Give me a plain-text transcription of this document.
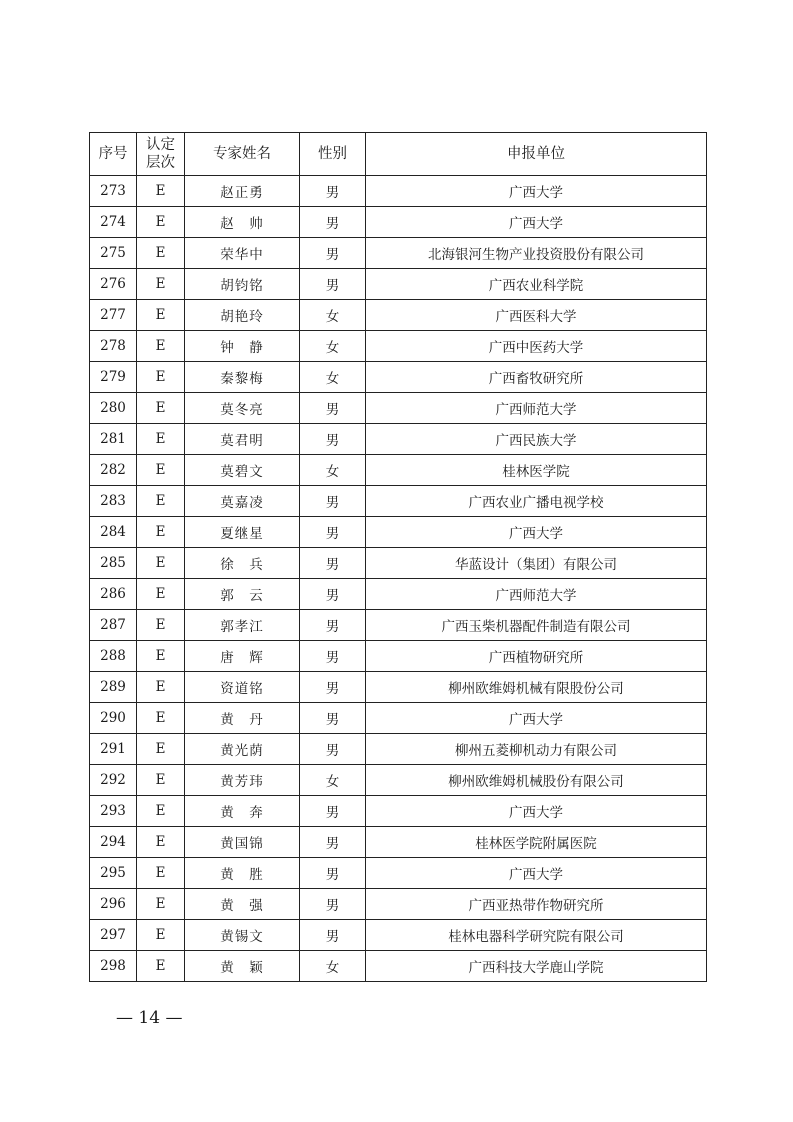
序号	认定层次	专家姓名	性别	申报单位
273	E	赵正勇	男	广西大学
274	E	赵　帅	男	广西大学
275	E	荣华中	男	北海银河生物产业投资股份有限公司
276	E	胡钧铭	男	广西农业科学院
277	E	胡艳玲	女	广西医科大学
278	E	钟　静	女	广西中医药大学
279	E	秦黎梅	女	广西畜牧研究所
280	E	莫冬亮	男	广西师范大学
281	E	莫君明	男	广西民族大学
282	E	莫碧文	女	桂林医学院
283	E	莫嘉凌	男	广西农业广播电视学校
284	E	夏继星	男	广西大学
285	E	徐　兵	男	华蓝设计（集团）有限公司
286	E	郭　云	男	广西师范大学
287	E	郭孝江	男	广西玉柴机器配件制造有限公司
288	E	唐　辉	男	广西植物研究所
289	E	资道铭	男	柳州欧维姆机械有限股份公司
290	E	黄　丹	男	广西大学
291	E	黄光荫	男	柳州五菱柳机动力有限公司
292	E	黄芳玮	女	柳州欧维姆机械股份有限公司
293	E	黄　奔	男	广西大学
294	E	黄国锦	男	桂林医学院附属医院
295	E	黄　胜	男	广西大学
296	E	黄　强	男	广西亚热带作物研究所
297	E	黄锡文	男	桂林电器科学研究院有限公司
298	E	黄　颖	女	广西科技大学鹿山学院
— 14 —
